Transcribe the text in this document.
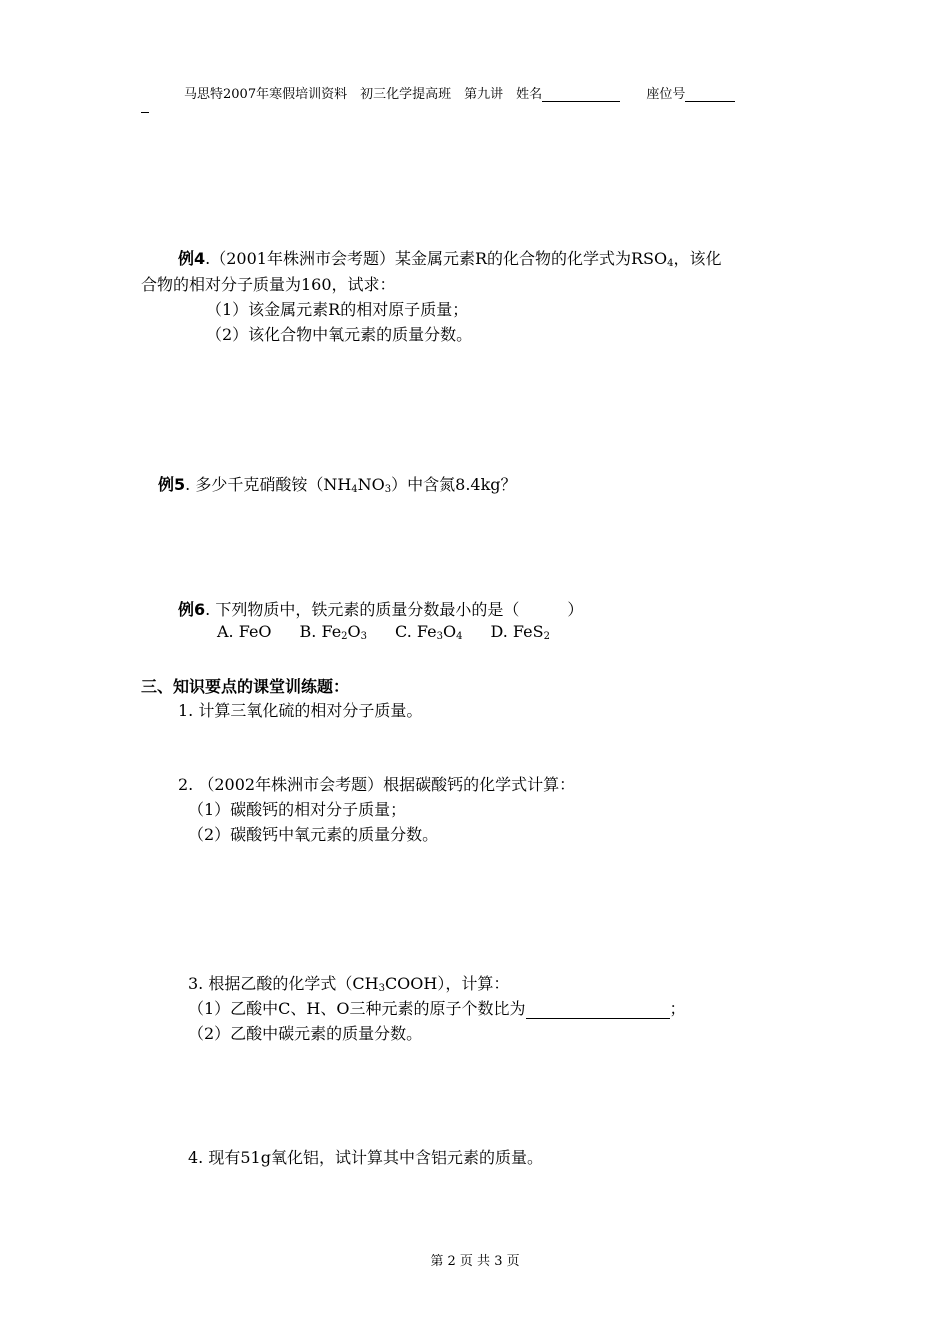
马思特2007年寒假培训资料　初三化学提高班　第九讲　姓名	座位号
例4.（2001年株洲市会考题）某金属元素R的化合物的化学式为$RSO_4$，该化
合物的相对分子质量为160，试求：
（1）该金属元素R的相对原子质量；
（2）该化合物中氧元素的质量分数。
例5. 多少千克硝酸铵$(NH_4NO_3)$中含氮8.4kg？
例6. 下列物质中，铁元素的质量分数最小的是（　　　）
A. FeO B. $Fe_2O_3$ C. $Fe_3O_4$ D. FeS$_2$
三、知识要点的课堂训练题：
1. 计算三氧化硫的相对分子质量。
2. （2002年株洲市会考题）根据碳酸钙的化学式计算：
（1）碳酸钙的相对分子质量；
（2）碳酸钙中氧元素的质量分数。
3. 根据乙酸的化学式$(CH_3COOH)$，计算：
（1）乙酸中C、H、O三种元素的原子个数比为	；
（2）乙酸中碳元素的质量分数。
4. 现有51g氧化铝，试计算其中含铝元素的质量。
第 2 页 共 3 页
